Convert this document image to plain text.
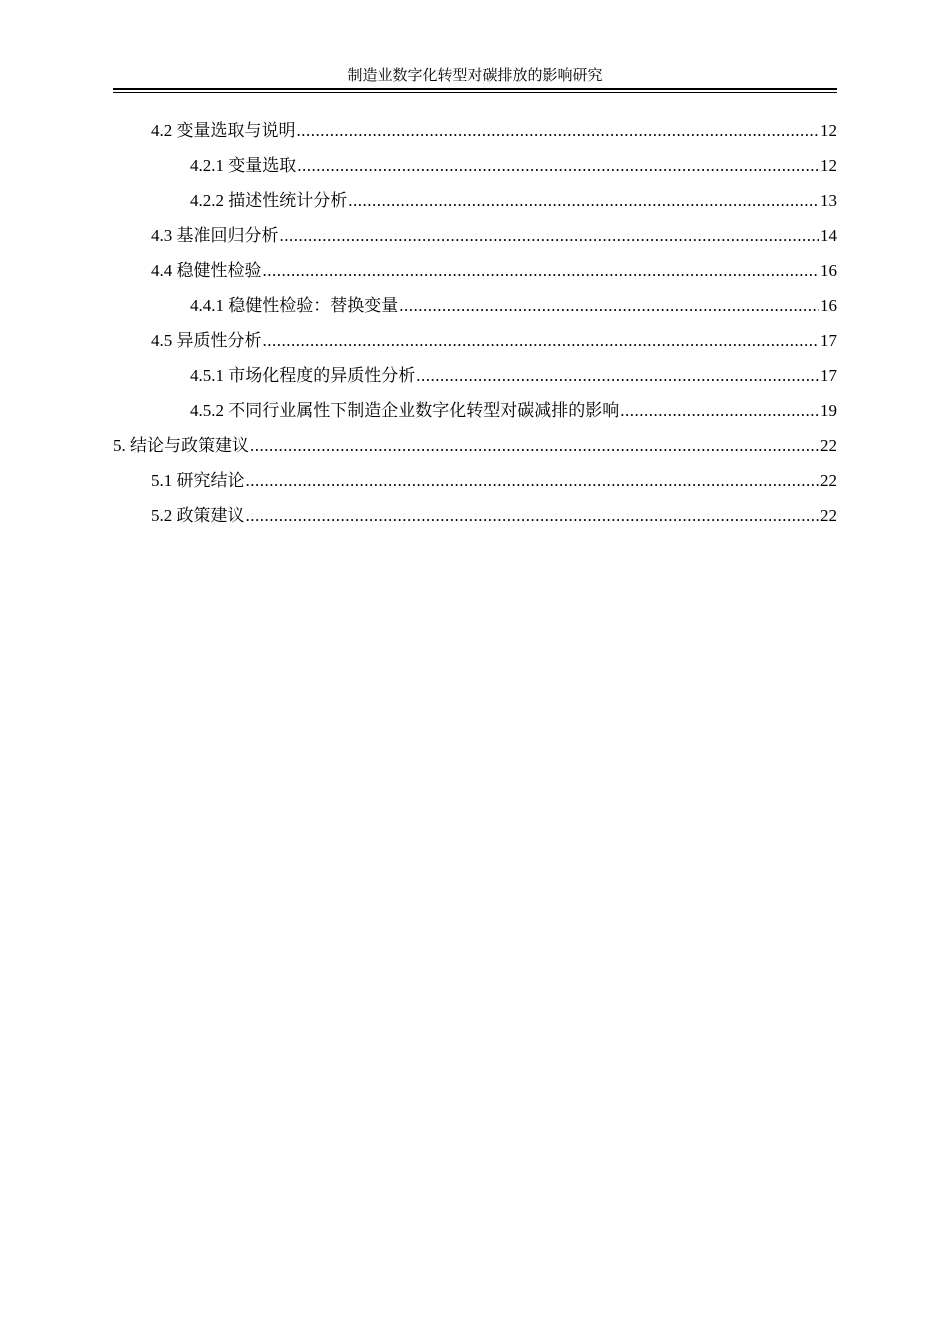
制造业数字化转型对碳排放的影响研究
4.2 变量选取与说明 .....	12
4.2.1 变量选取 .....	12
4.2.2 描述性统计分析 .....	13
4.3 基准回归分析 .....	14
4.4 稳健性检验 .....	16
4.4.1 稳健性检验：替换变量 .....	16
4.5 异质性分析 .....	17
4.5.1 市场化程度的异质性分析 .....	17
4.5.2 不同行业属性下制造企业数字化转型对碳减排的影响 .....	19
5. 结论与政策建议 .....	22
5.1 研究结论 .....	22
5.2 政策建议 .....	22
